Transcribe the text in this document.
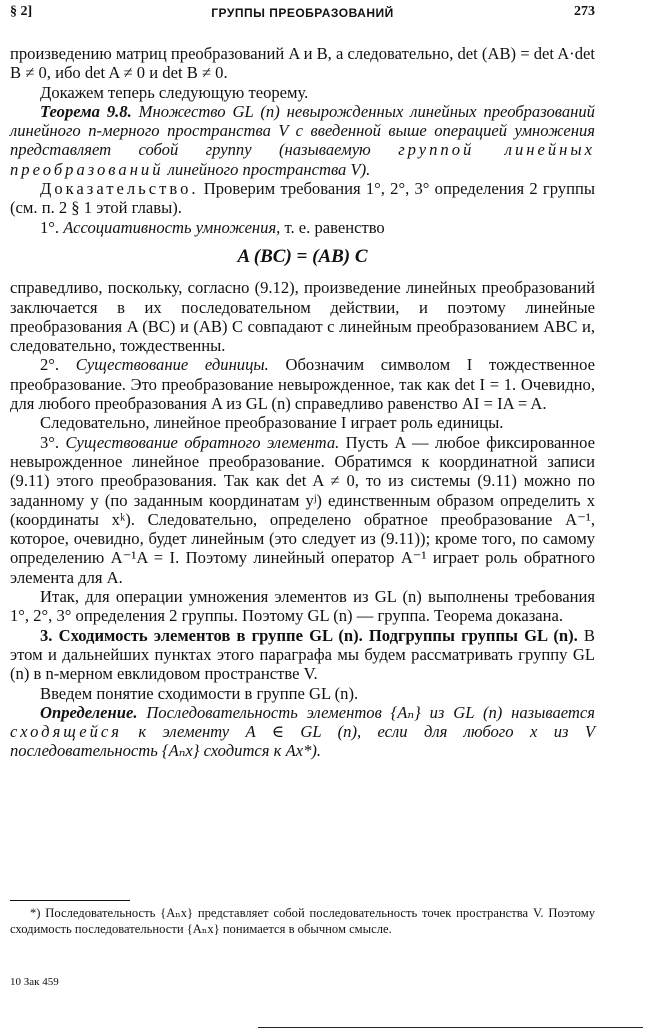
§ 2]	ГРУППЫ ПРЕОБРАЗОВАНИЙ	273

произведению матриц преобразований A и B, а следовательно, det (AB) = det A·det B ≠ 0, ибо det A ≠ 0 и det B ≠ 0.

Докажем теперь следующую теорему.

Теорема 9.8. Множество GL (n) невырожденных линейных преобразований линейного n-мерного пространства V с введенной выше операцией умножения представляет собой группу (называемую группой линейных преобразований линейного пространства V).

Доказательство. Проверим требования 1°, 2°, 3° определения 2 группы (см. п. 2 § 1 этой главы).

1°. Ассоциативность умножения, т. е. равенство

A (BC) = (AB) C

справедливо, поскольку, согласно (9.12), произведение линейных преобразований заключается в их последовательном действии, и поэтому линейные преобразования A (BC) и (AB) C совпадают с линейным преобразованием ABC и, следовательно, тождественны.

2°. Существование единицы. Обозначим символом I тождественное преобразование. Это преобразование невырожденное, так как det I = 1. Очевидно, для любого преобразования A из GL (n) справедливо равенство AI = IA = A.

Следовательно, линейное преобразование I играет роль единицы.

3°. Существование обратного элемента. Пусть A — любое фиксированное невырожденное линейное преобразование. Обратимся к координатной записи (9.11) этого преобразования. Так как det A ≠ 0, то из системы (9.11) можно по заданному y (по заданным координатам yʲ) единственным образом определить x (координаты xᵏ). Следовательно, определено обратное преобразование A⁻¹, которое, очевидно, будет линейным (это следует из (9.11)); кроме того, по самому определению A⁻¹A = I. Поэтому линейный оператор A⁻¹ играет роль обратного элемента для A.

Итак, для операции умножения элементов из GL (n) выполнены требования 1°, 2°, 3° определения 2 группы. Поэтому GL (n) — группа. Теорема доказана.

3. Сходимость элементов в группе GL (n). Подгруппы группы GL (n). В этом и дальнейших пунктах этого параграфа мы будем рассматривать группу GL (n) в n-мерном евклидовом пространстве V.

Введем понятие сходимости в группе GL (n).

Определение. Последовательность элементов {Aₙ} из GL (n) называется сходящейся к элементу A ∈ GL (n), если для любого x из V последовательность {Aₙx} сходится к Ax*).

*) Последовательность {Aₙx} представляет собой последовательность точек пространства V. Поэтому сходимость последовательности {Aₙx} понимается в обычном смысле.

10 Зак 459
